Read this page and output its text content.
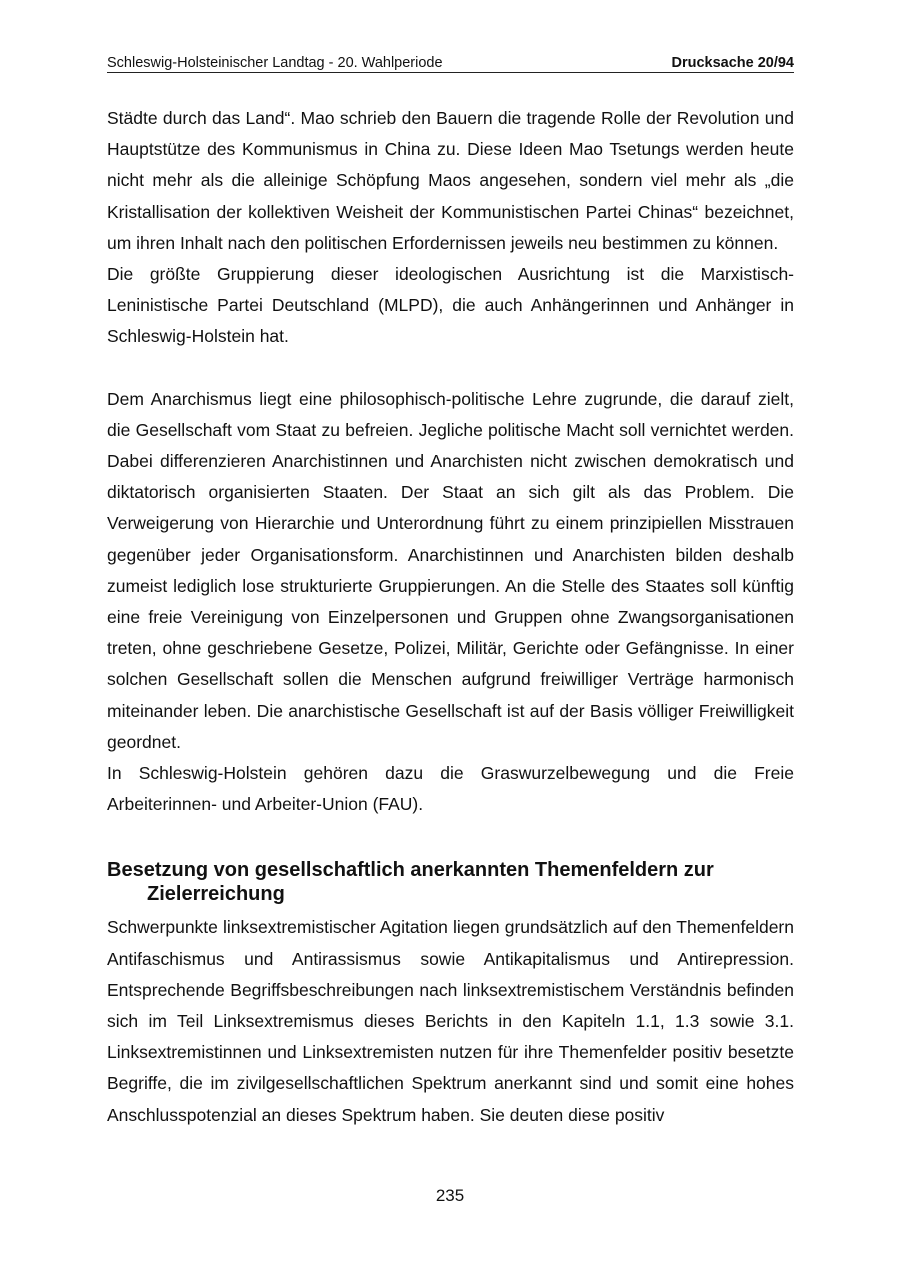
Schleswig-Holsteinischer Landtag - 20. Wahlperiode	Drucksache 20/94

Städte durch das Land“. Mao schrieb den Bauern die tragende Rolle der Revolution und Hauptstütze des Kommunismus in China zu. Diese Ideen Mao Tsetungs werden heute nicht mehr als die alleinige Schöpfung Maos angesehen, sondern viel mehr als „die Kristallisation der kollektiven Weisheit der Kommunistischen Partei Chinas“ bezeichnet, um ihren Inhalt nach den politischen Erfordernissen jeweils neu bestimmen zu können.

Die größte Gruppierung dieser ideologischen Ausrichtung ist die Marxistisch-Leninistische Partei Deutschland (MLPD), die auch Anhängerinnen und Anhänger in Schleswig-Holstein hat.

Dem Anarchismus liegt eine philosophisch-politische Lehre zugrunde, die darauf zielt, die Gesellschaft vom Staat zu befreien. Jegliche politische Macht soll vernichtet werden. Dabei differenzieren Anarchistinnen und Anarchisten nicht zwischen demokratisch und diktatorisch organisierten Staaten. Der Staat an sich gilt als das Problem. Die Verweigerung von Hierarchie und Unterordnung führt zu einem prinzipiellen Misstrauen gegenüber jeder Organisationsform. Anarchistinnen und Anarchisten bilden deshalb zumeist lediglich lose strukturierte Gruppierungen. An die Stelle des Staates soll künftig eine freie Vereinigung von Einzelpersonen und Gruppen ohne Zwangsorganisationen treten, ohne geschriebene Gesetze, Polizei, Militär, Gerichte oder Gefängnisse. In einer solchen Gesellschaft sollen die Menschen aufgrund freiwilliger Verträge harmonisch miteinander leben. Die anarchistische Gesellschaft ist auf der Basis völliger Freiwilligkeit geordnet.

In Schleswig-Holstein gehören dazu die Graswurzelbewegung und die Freie Arbeiterinnen- und Arbeiter-Union (FAU).

Besetzung von gesellschaftlich anerkannten Themenfeldern zur Zielerreichung

Schwerpunkte linksextremistischer Agitation liegen grundsätzlich auf den Themenfeldern Antifaschismus und Antirassismus sowie Antikapitalismus und Antirepression. Entsprechende Begriffsbeschreibungen nach linksextremistischem Verständnis befinden sich im Teil Linksextremismus dieses Berichts in den Kapiteln 1.1, 1.3 sowie 3.1. Linksextremistinnen und Linksextremisten nutzen für ihre Themenfelder positiv besetzte Begriffe, die im zivilgesellschaftlichen Spektrum anerkannt sind und somit eine hohes Anschlusspotenzial an dieses Spektrum haben. Sie deuten diese positiv

235
